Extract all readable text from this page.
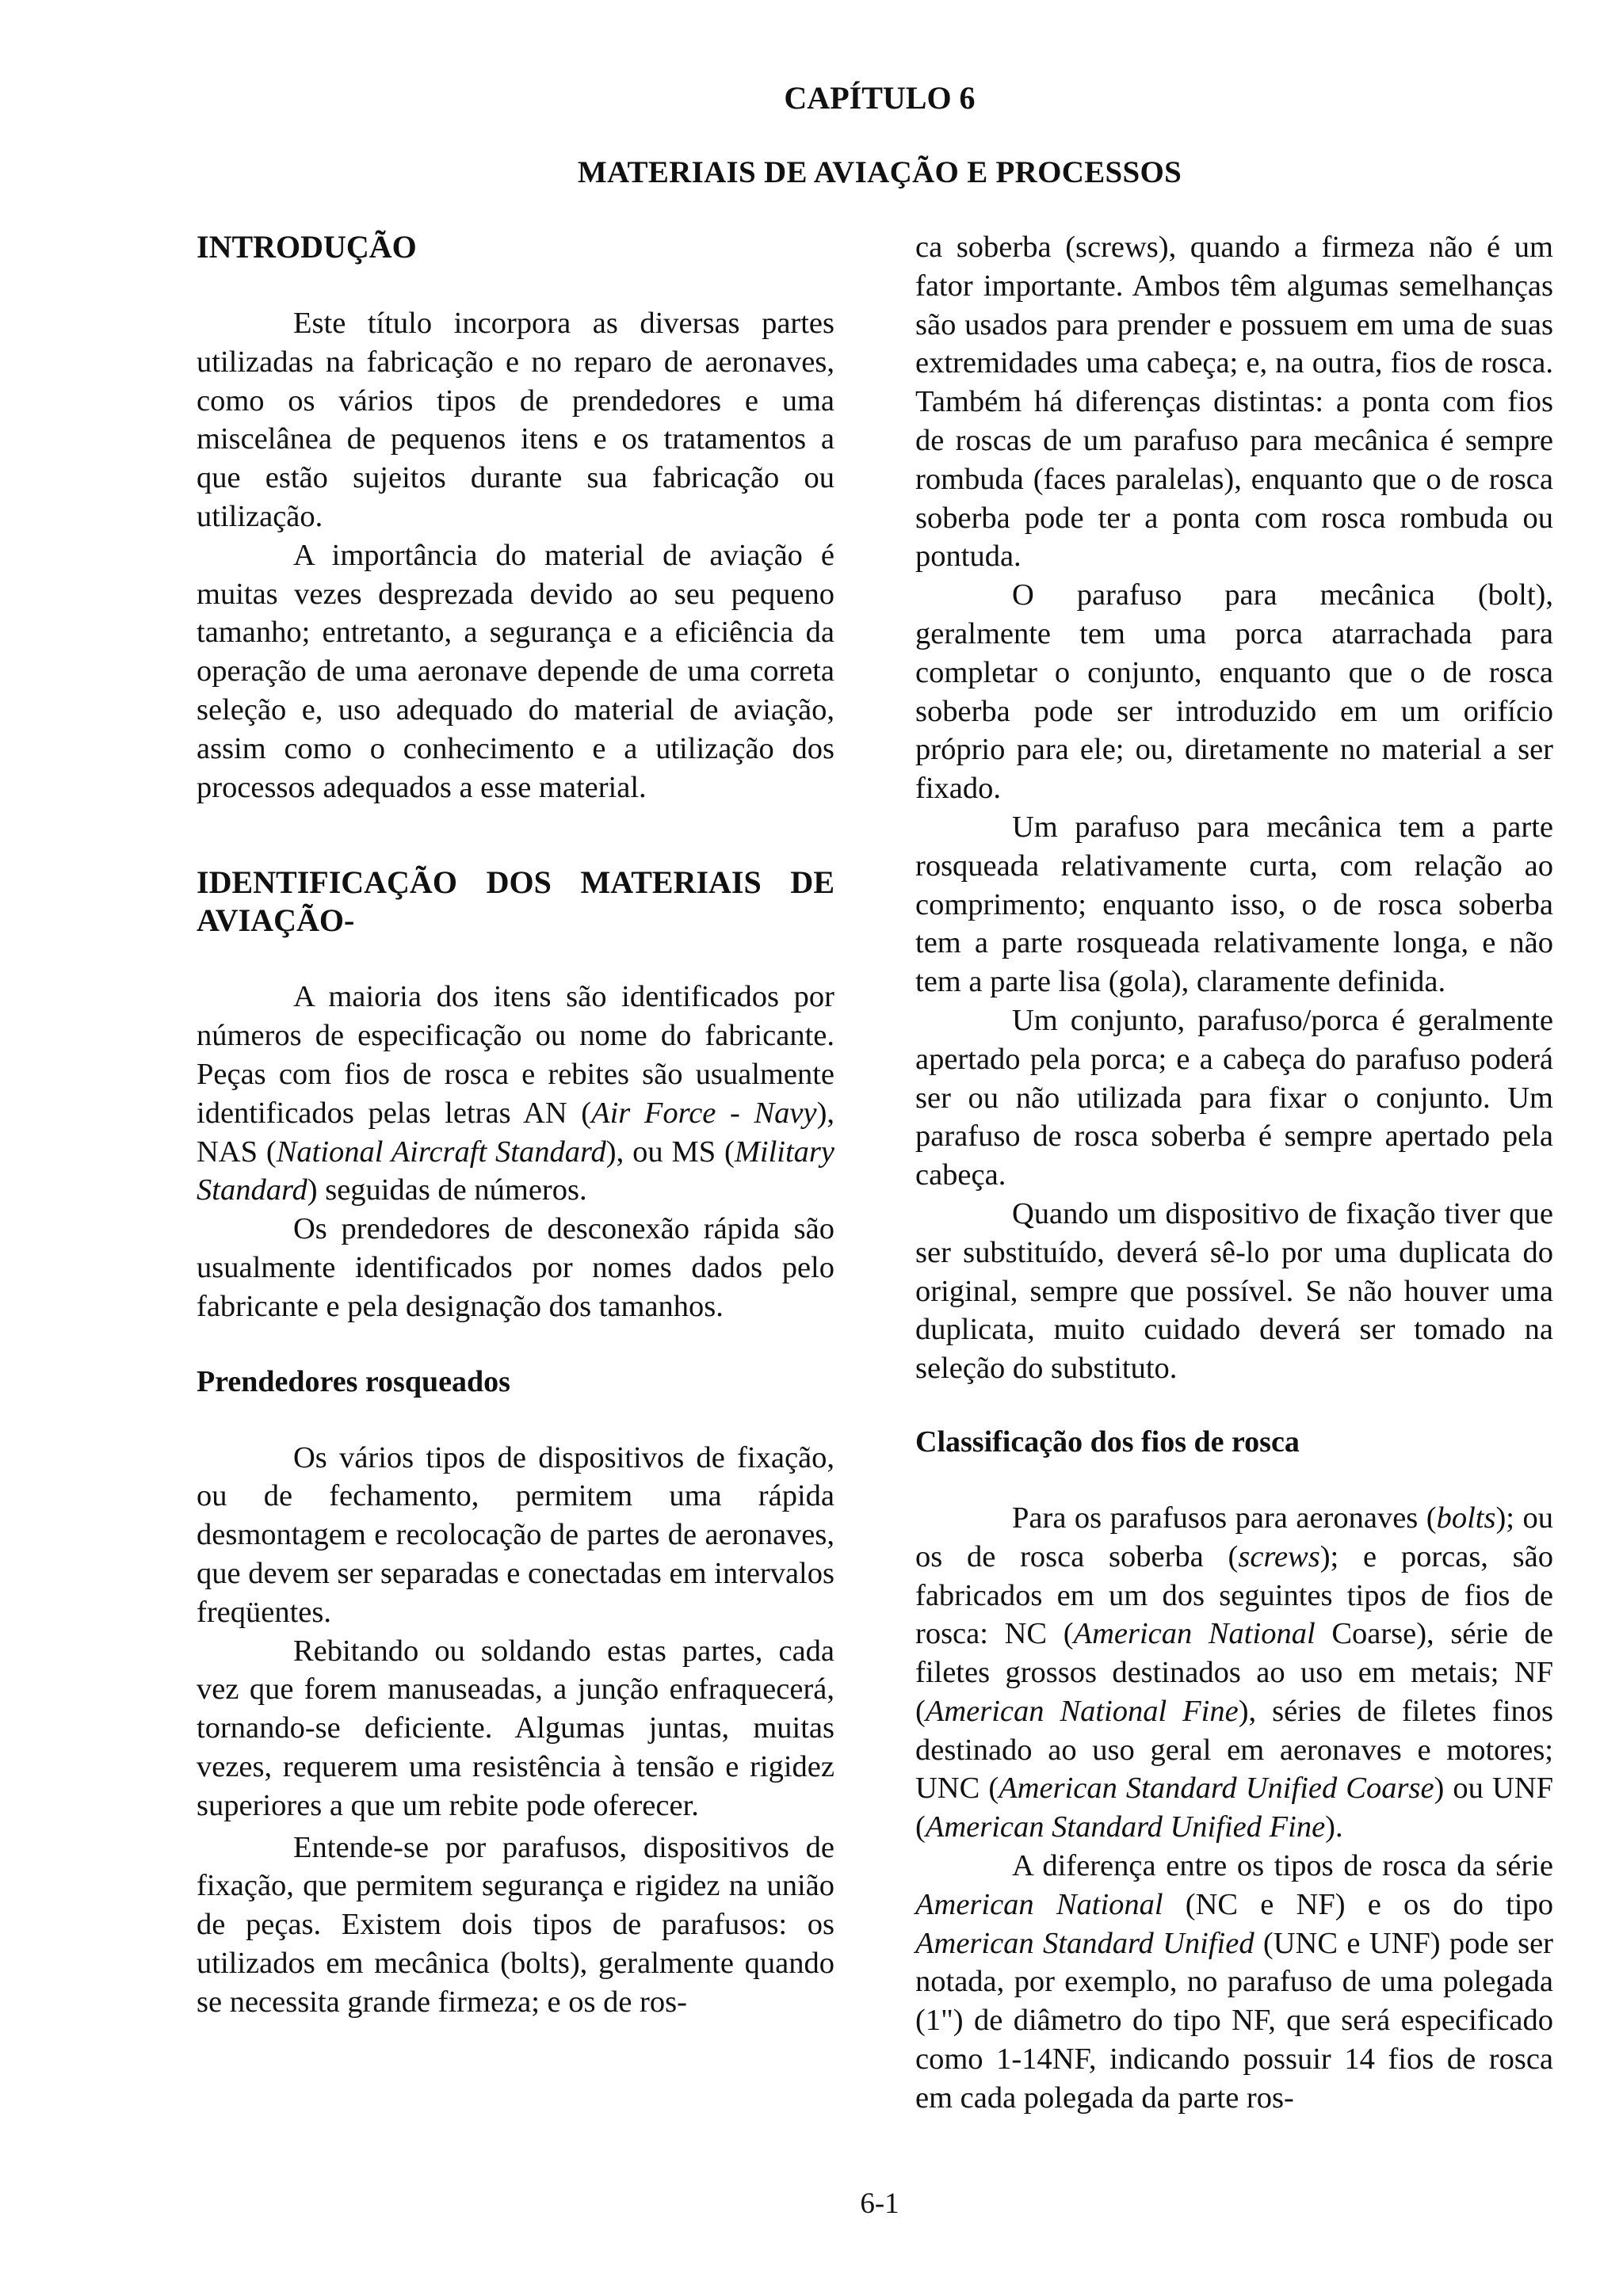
CAPÍTULO 6
MATERIAIS DE AVIAÇÃO E PROCESSOS
INTRODUÇÃO

Este título incorpora as diversas partes utilizadas na fabricação e no reparo de aeronaves, como os vários tipos de prendedores e uma miscelânea de pequenos itens e os tratamentos a que estão sujeitos durante sua fabricação ou utilização.

A importância do material de aviação é muitas vezes desprezada devido ao seu pequeno tamanho; entretanto, a segurança e a eficiência da operação de uma aeronave depende de uma correta seleção e, uso adequado do material de aviação, assim como o conhecimento e a utilização dos processos adequados a esse material.

IDENTIFICAÇÃO DOS MATERIAIS DE AVIAÇÃO-

A maioria dos itens são identificados por números de especificação ou nome do fabricante. Peças com fios de rosca e rebites são usualmente identificados pelas letras AN (Air Force - Navy), NAS (National Aircraft Standard), ou MS (Military Standard) seguidas de números.

Os prendedores de desconexão rápida são usualmente identificados por nomes dados pelo fabricante e pela designação dos tamanhos.

Prendedores rosqueados

Os vários tipos de dispositivos de fixação, ou de fechamento, permitem uma rápida desmontagem e recolocação de partes de aeronaves, que devem ser separadas e conectadas em intervalos freqüentes.

Rebitando ou soldando estas partes, cada vez que forem manuseadas, a junção enfraquecerá, tornando-se deficiente. Algumas juntas, muitas vezes, requerem uma resistência à tensão e rigidez superiores a que um rebite pode oferecer.

Entende-se por parafusos, dispositivos de fixação, que permitem segurança e rigidez na união de peças. Existem dois tipos de parafusos: os utilizados em mecânica (bolts), geralmente quando se necessita grande firmeza; e os de ros-

ca soberba (screws), quando a firmeza não é um fator importante. Ambos têm algumas semelhanças são usados para prender e possuem em uma de suas extremidades uma cabeça; e, na outra, fios de rosca. Também há diferenças distintas: a ponta com fios de roscas de um parafuso para mecânica é sempre rombuda (faces paralelas), enquanto que o de rosca soberba pode ter a ponta com rosca rombuda ou pontuda.

O parafuso para mecânica (bolt), geralmente tem uma porca atarrachada para completar o conjunto, enquanto que o de rosca soberba pode ser introduzido em um orifício próprio para ele; ou, diretamente no material a ser fixado.

Um parafuso para mecânica tem a parte rosqueada relativamente curta, com relação ao comprimento; enquanto isso, o de rosca soberba tem a parte rosqueada relativamente longa, e não tem a parte lisa (gola), claramente definida.

Um conjunto, parafuso/porca é geralmente apertado pela porca; e a cabeça do parafuso poderá ser ou não utilizada para fixar o conjunto. Um parafuso de rosca soberba é sempre apertado pela cabeça.

Quando um dispositivo de fixação tiver que ser substituído, deverá sê-lo por uma duplicata do original, sempre que possível. Se não houver uma duplicata, muito cuidado deverá ser tomado na seleção do substituto.

Classificação dos fios de rosca

Para os parafusos para aeronaves (bolts); ou os de rosca soberba (screws); e porcas, são fabricados em um dos seguintes tipos de fios de rosca: NC (American National Coarse), série de filetes grossos destinados ao uso em metais; NF (American National Fine), séries de filetes finos destinado ao uso geral em aeronaves e motores; UNC (American Standard Unified Coarse) ou UNF (American Standard Unified Fine).

A diferença entre os tipos de rosca da série American National (NC e NF) e os do tipo American Standard Unified (UNC e UNF) pode ser notada, por exemplo, no parafuso de uma polegada (1") de diâmetro do tipo NF, que será especificado como 1-14NF, indicando possuir 14 fios de rosca em cada polegada da parte ros-

6-1
